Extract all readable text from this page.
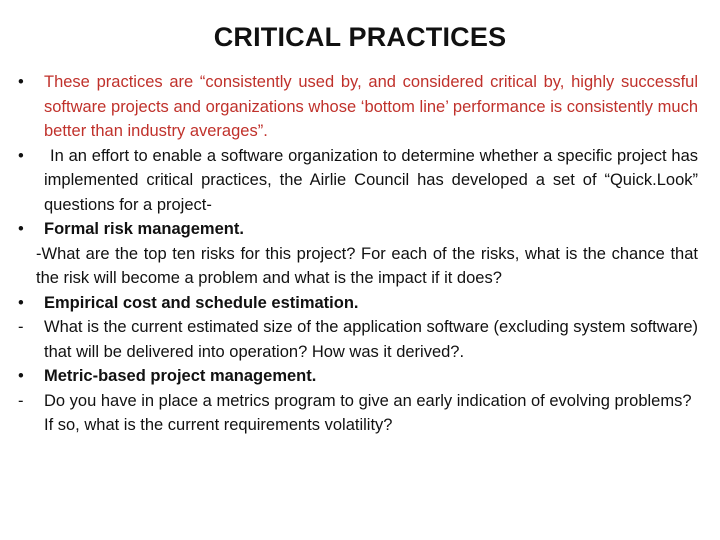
CRITICAL PRACTICES
•	These practices are “consistently used by, and considered critical by, highly successful software projects and organizations whose ‘bottom line’ performance is consistently much better than industry averages”.
•	In an effort to enable a software organization to determine whether a specific project has implemented critical practices, the Airlie Council has developed a set of “Quick.Look” questions for a project-
•	Formal risk management.
-What are the top ten risks for this project? For each of the risks, what is the chance that the risk will become a problem and what is the impact if it does?
•	Empirical cost and schedule estimation.
-	What is the current estimated size of the application software (excluding system software) that will be delivered into operation? How was it derived?.
•	Metric-based project management.
-	Do you have in place a metrics program to give an early indication of evolving problems? If so, what is the current requirements volatility?
